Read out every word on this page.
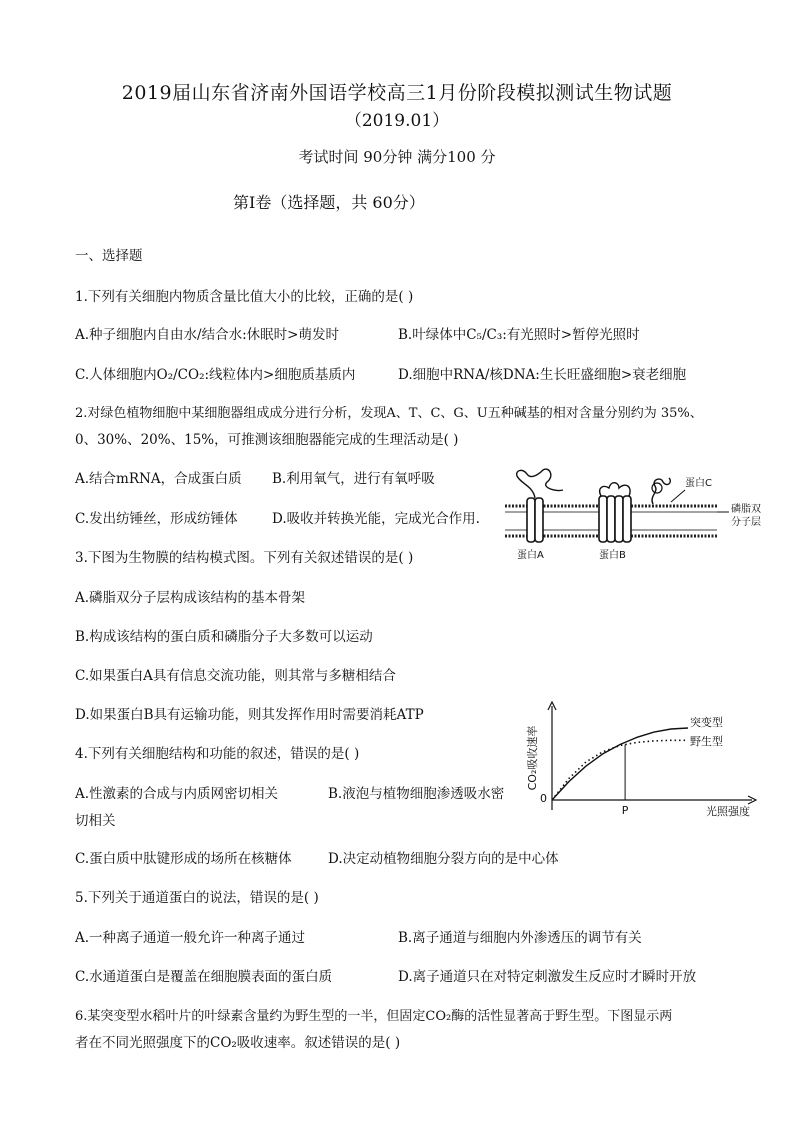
2019届山东省济南外国语学校高三1月份阶段模拟测试生物试题
（2019.01）
考试时间 90分钟 满分100 分
第Ⅰ卷（选择题，共 60分）
一、选择题
1.下列有关细胞内物质含量比值大小的比较，正确的是( )
A.种子细胞内自由水/结合水:休眠时>萌发时	B.叶绿体中C₅/C₃:有光照时>暂停光照时
C.人体细胞内O₂/CO₂:线粒体内>细胞质基质内	D.细胞中RNA/核DNA:生长旺盛细胞>衰老细胞
2.对绿色植物细胞中某细胞器组成成分进行分析，发现A、T、C、G、U五种碱基的相对含量分别约为 35%、
0、30%、20%、15%，可推测该细胞器能完成的生理活动是( )
A.结合mRNA，合成蛋白质 B.利用氧气，进行有氧呼吸
C.发出纺锤丝，形成纺锤体	D.吸收并转换光能，完成光合作用.
蛋白A	蛋白B
蛋白C
磷脂双
分子层
3.下图为生物膜的结构模式图。下列有关叙述错误的是( )
A.磷脂双分子层构成该结构的基本骨架
B.构成该结构的蛋白质和磷脂分子大多数可以运动
C.如果蛋白A具有信息交流功能，则其常与多糖相结合
D.如果蛋白B具有运输功能，则其发挥作用时需要消耗ATP
CO₂吸收速率
光照强度
0
P
突变型
野生型
4.下列有关细胞结构和功能的叙述，错误的是( )
A.性激素的合成与内质网密切相关	B.液泡与植物细胞渗透吸水密
切相关
C.蛋白质中肽键形成的场所在核糖体	D.决定动植物细胞分裂方向的是中心体
5.下列关于通道蛋白的说法，错误的是( )
A.一种离子通道一般允许一种离子通过	B.离子通道与细胞内外渗透压的调节有关
C.水通道蛋白是覆盖在细胞膜表面的蛋白质	D.离子通道只在对特定刺激发生反应时才瞬时开放
6.某突变型水稻叶片的叶绿素含量约为野生型的一半，但固定CO₂酶的活性显著高于野生型。下图显示两
者在不同光照强度下的CO₂吸收速率。叙述错误的是( )
